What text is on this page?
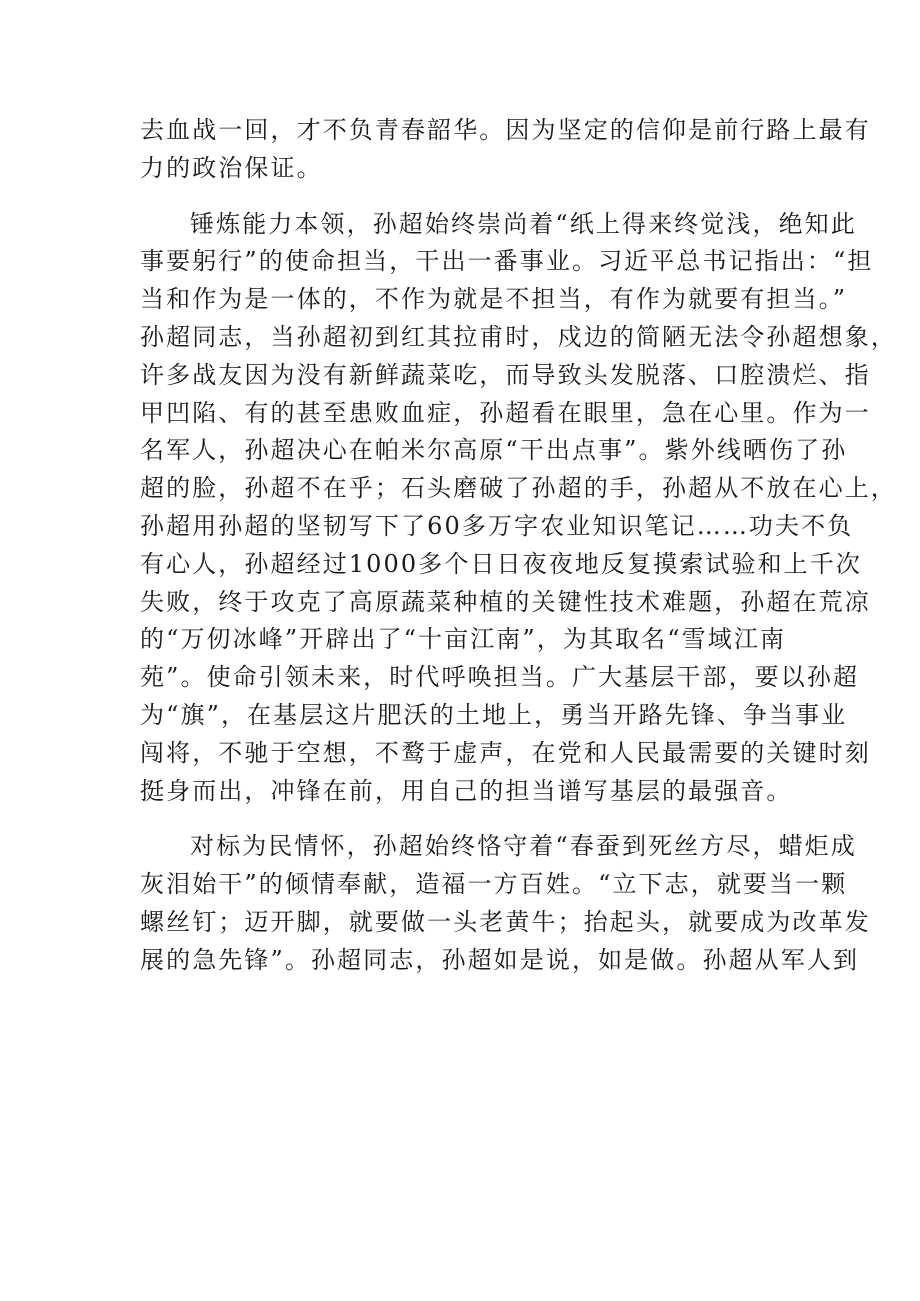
去血战一回，才不负青春韶华。因为坚定的信仰是前行路上最有
力的政治保证。

锤炼能力本领，孙超始终崇尚着“纸上得来终觉浅，绝知此
事要躬行”的使命担当，干出一番事业。习近平总书记指出：“担
当和作为是一体的，不作为就是不担当，有作为就要有担当。”
孙超同志，当孙超初到红其拉甫时，戍边的简陋无法令孙超想象，
许多战友因为没有新鲜蔬菜吃，而导致头发脱落、口腔溃烂、指
甲凹陷、有的甚至患败血症，孙超看在眼里，急在心里。作为一
名军人，孙超决心在帕米尔高原“干出点事”。紫外线晒伤了孙
超的脸，孙超不在乎；石头磨破了孙超的手，孙超从不放在心上，
孙超用孙超的坚韧写下了60多万字农业知识笔记……功夫不负
有心人，孙超经过1000多个日日夜夜地反复摸索试验和上千次
失败，终于攻克了高原蔬菜种植的关键性技术难题，孙超在荒凉
的“万仞冰峰”开辟出了“十亩江南”，为其取名“雪域江南
苑”。使命引领未来，时代呼唤担当。广大基层干部，要以孙超
为“旗”，在基层这片肥沃的土地上，勇当开路先锋、争当事业
闯将，不驰于空想，不鹜于虚声，在党和人民最需要的关键时刻
挺身而出，冲锋在前，用自己的担当谱写基层的最强音。

对标为民情怀，孙超始终恪守着“春蚕到死丝方尽，蜡炬成
灰泪始干”的倾情奉献，造福一方百姓。“立下志，就要当一颗
螺丝钉；迈开脚，就要做一头老黄牛；抬起头，就要成为改革发
展的急先锋”。孙超同志，孙超如是说，如是做。孙超从军人到
